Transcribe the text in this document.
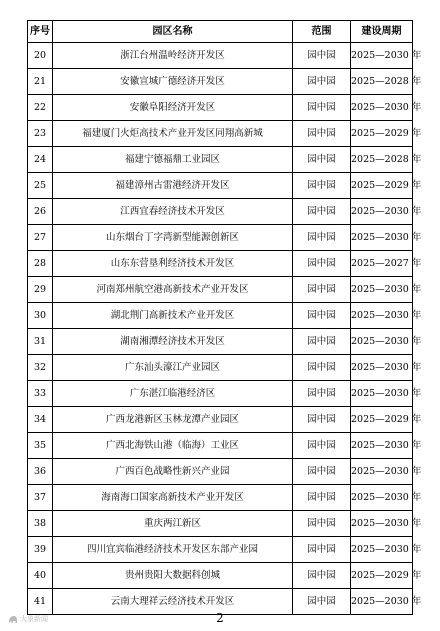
序号	园区名称	范围	建设周期
20	浙江台州温岭经济开发区	园中园	2025—2030 年
21	安徽宣城广德经济开发区	园中园	2025—2028 年
22	安徽阜阳经济开发区	园中园	2025—2030 年
23	福建厦门火炬高技术产业开发区同翔高新城	园中园	2025—2029 年
24	福建宁德福鼎工业园区	园中园	2025—2028 年
25	福建漳州古雷港经济开发区	园中园	2025—2029 年
26	江西宜春经济技术开发区	园中园	2025—2030 年
27	山东烟台丁字湾新型能源创新区	园中园	2025—2030 年
28	山东东营垦利经济技术开发区	园中园	2025—2027 年
29	河南郑州航空港高新技术产业开发区	园中园	2025—2030 年
30	湖北荆门高新技术产业开发区	园中园	2025—2030 年
31	湖南湘潭经济技术开发区	园中园	2025—2030 年
32	广东汕头濠江产业园区	园中园	2025—2030 年
33	广东湛江临港经济区	园中园	2025—2030 年
34	广西龙港新区玉林龙潭产业园区	园中园	2025—2029 年
35	广西北海铁山港（临海）工业区	园中园	2025—2030 年
36	广西百色战略性新兴产业园	园中园	2025—2030 年
37	海南海口国家高新技术产业开发区	园中园	2025—2030 年
38	重庆两江新区	园中园	2025—2030 年
39	四川宜宾临港经济技术开发区东部产业园	园中园	2025—2030 年
40	贵州贵阳大数据科创城	园中园	2025—2029 年
41	云南大理祥云经济技术开发区	园中园	2025—2030 年
2
大象新闻
